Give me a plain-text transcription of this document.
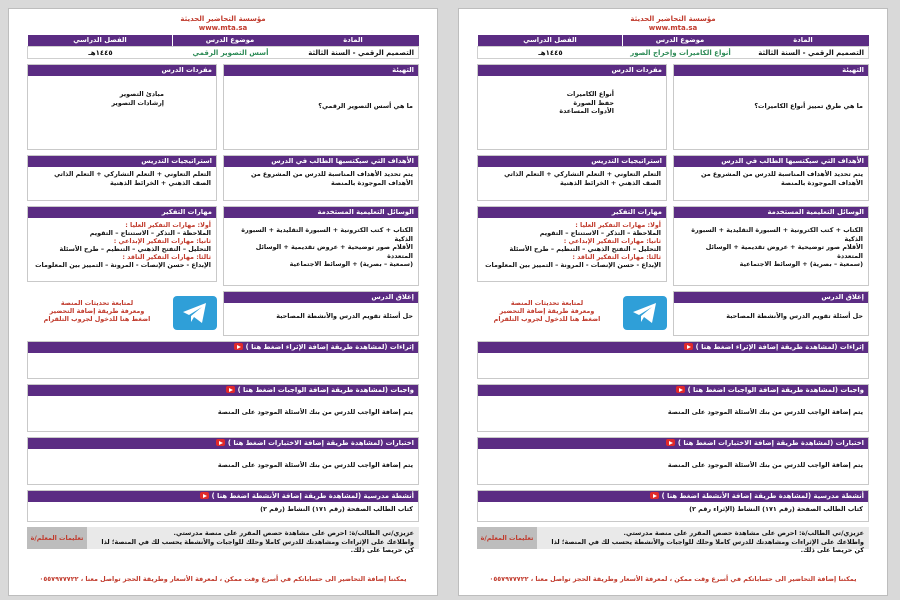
مؤسسة التحاضير الحديثة
www.mta.sa
المادة
موضوع الدرس
الفصل الدراسي
التصميم الرقمي - السنة الثالثة
أسس التصوير الرقمي
١٤٤٥هـ
التهيئة
ما هي أسس التصوير الرقمي؟
مفردات الدرس
مبادئ التصوير
إرشادات التصوير
الأهداف التي سيكتسبها الطالب في الدرس
يتم تحديد الأهداف المناسبة للدرس من المشروع من الأهداف الموجودة بالمنصة
استراتيجيات التدريس
التعلم التعاوني + التعلم التشاركي + التعلم الذاتي
الصف الذهني + الخرائط الذهنية
الوسائل التعليمية المستخدمة
الكتاب + كتب الكترونية + السبورة التقليدية + السبورة الذكية
الأقلام صور توضيحية + عروض تقديمية + الوسائل المتعددة
(سمعية – بصرية) + الوسائط الاجتماعية
إغلاق الدرس
حل أسئلة تقويم الدرس والأنشطة المصاحبة
مهارات التفكير
أولا: مهارات التفكير العليا :
الملاحظة – التذكر – الاستنتاج – التقويم
ثانيا: مهارات التفكير الإبداعي :
التحليل – التفتح الذهني – التنظيم – طرح الأسئلة
ثالثا: مهارات التفكير الناقد :
الإبداع - حسن الإنصات - المرونة – التمييز بين المعلومات
لمتابعة تحديثات المنصة
ومعرفة طريقة إضافة التحضير
اضغط هنا للدخول لجروب التلقرام
إثراءات (لمشاهدة طريقة إضافة الإثراء اضغط هنا )
واجبات (لمشاهدة طريقة إضافة الواجبات اضغط هنا )
يتم إضافة الواجب للدرس من بنك الأسئلة الموجود على المنصة
اختبارات (لمشاهدة طريقة إضافة الاختبارات اضغط هنا )
يتم إضافة الواجب للدرس من بنك الأسئلة الموجود على المنصة
أنشطة مدرسية (لمشاهدة طريقة إضافة الأنشطة اضغط هنا )
كتاب الطالب الصفحة (رقم ١٧١) النشاط (رقم ٢)
عزيزي/تي الطالب/ة: احرص على مشاهدة حصص المقرر على منصة مدرستي.
واطلاعك على الإثراءات ومشاهدتك للدرس كاملا وحلك للواجبات والأنشطة يحسب لك في المنصة؛ لذا كن حريصا على ذلك.
تعليمات المعلم/ة
يمكننا إضافة التحاضير الى حساباتكم في أسرع وقت ممكن ، لمعرفة الأسعار وطريقة الحجز تواصل معنا ، ٠٥٥٧٩٧٧٧٢٢
مؤسسة التحاضير الحديثة
www.mta.sa
المادة
موضوع الدرس
الفصل الدراسي
التصميم الرقمي - السنة الثالثة
أنواع الكاميرات وإخراج الصور
١٤٤٥هـ
التهيئة
ما هي طرق تمييز أنواع الكاميرات؟
مفردات الدرس
أنواع الكاميرات
حفظ الصورة
الأدوات المساعدة
الأهداف التي سيكتسبها الطالب في الدرس
يتم تحديد الأهداف المناسبة للدرس من المشروع من الأهداف الموجودة بالمنصة
استراتيجيات التدريس
التعلم التعاوني + التعلم التشاركي + التعلم الذاتي
الصف الذهني + الخرائط الذهنية
الوسائل التعليمية المستخدمة
الكتاب + كتب الكترونية + السبورة التقليدية + السبورة الذكية
الأقلام صور توضيحية + عروض تقديمية + الوسائل المتعددة
(سمعية – بصرية) + الوسائط الاجتماعية
إغلاق الدرس
حل أسئلة تقويم الدرس والأنشطة المصاحبة
مهارات التفكير
أولا: مهارات التفكير العليا :
الملاحظة – التذكر – الاستنتاج – التقويم
ثانيا: مهارات التفكير الإبداعي :
التحليل – التفتح الذهني – التنظيم – طرح الأسئلة
ثالثا: مهارات التفكير الناقد :
الإبداع - حسن الإنصات - المرونة – التمييز بين المعلومات
لمتابعة تحديثات المنصة
ومعرفة طريقة إضافة التحضير
اضغط هنا للدخول لجروب التلقرام
إثراءات (لمشاهدة طريقة إضافة الإثراء اضغط هنا )
واجبات (لمشاهدة طريقة إضافة الواجبات اضغط هنا )
يتم إضافة الواجب للدرس من بنك الأسئلة الموجود على المنصة
اختبارات (لمشاهدة طريقة إضافة الاختبارات اضغط هنا )
يتم إضافة الواجب للدرس من بنك الأسئلة الموجود على المنصة
أنشطة مدرسية (لمشاهدة طريقة إضافة الأنشطة اضغط هنا )
كتاب الطالب الصفحة (رقم ١٧١) النشاط (الإثراء رقم ٢)
عزيزي/تي الطالب/ة: احرص على مشاهدة حصص المقرر على منصة مدرستي.
واطلاعك على الإثراءات ومشاهدتك للدرس كاملا وحلك للواجبات والأنشطة يحسب لك في المنصة؛ لذا كن حريصا على ذلك.
تعليمات المعلم/ة
يمكننا إضافة التحاضير الى حساباتكم في أسرع وقت ممكن ، لمعرفة الأسعار وطريقة الحجز تواصل معنا ، ٠٥٥٧٩٧٧٧٢٢
